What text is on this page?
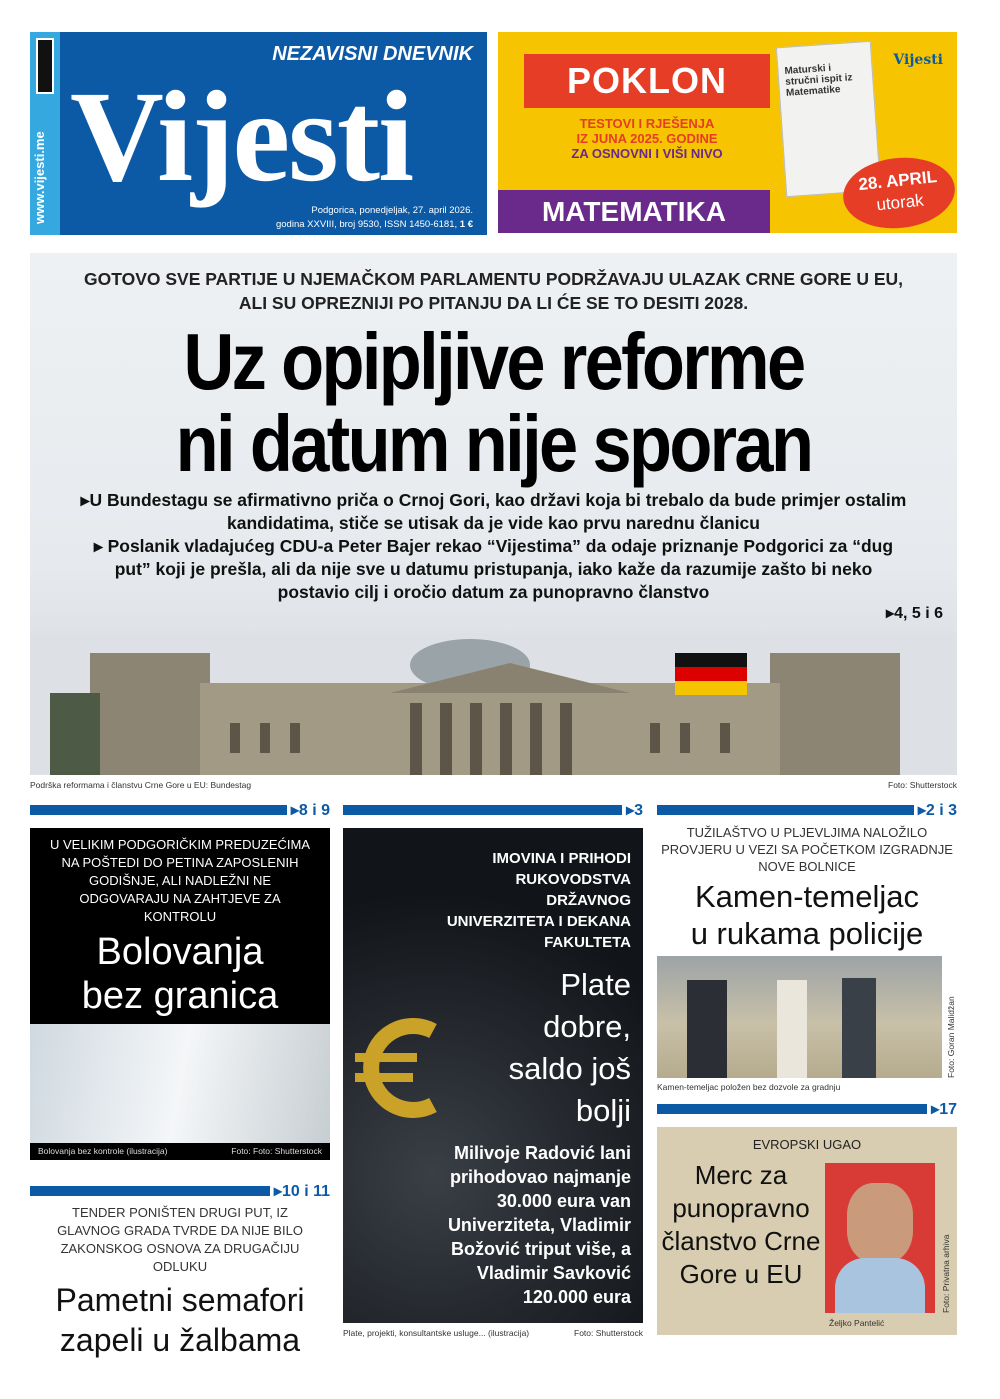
www.vijesti.me
NEZAVISNI DNEVNIK
Vijesti
Podgorica, ponedjeljak, 27. april 2026.
godina XXVIII, broj 9530, ISSN 1450-6181, 1 €
POKLON
TESTOVI I RJEŠENJA
IZ JUNA 2025. GODINE
ZA OSNOVNI I VIŠI NIVO
MATEMATIKA
Maturski i stručni ispit iz Matematike
Vijesti
28. APRIL
utorak
GOTOVO SVE PARTIJE U NJEMAČKOM PARLAMENTU PODRŽAVAJU ULAZAK CRNE GORE U EU,
ALI SU OPREZNIJI PO PITANJU DA LI ĆE SE TO DESITI 2028.
Uz opipljive reforme
ni datum nije sporan
▸U Bundestagu se afirmativno priča o Crnoj Gori, kao državi koja bi trebalo da bude primjer ostalim kandidatima, stiče se utisak da je vide kao prvu narednu članicu
▸ Poslanik vladajućeg CDU-a Peter Bajer rekao “Vijestima” da odaje priznanje Podgorici za “dug put” koji je prešla, ali da nije sve u datumu pristupanja, iako kaže da razumije zašto bi neko postavio cilj i oročio datum za punopravno članstvo
▸4, 5 i 6
Podrška reformama i članstvu Crne Gore u EU: Bundestag	Foto: Shutterstock
▸8 i 9	▸3	▸2 i 3
U VELIKIM PODGORIČKIM PREDUZEĆIMA NA POŠTEDI DO PETINA ZAPOSLENIH GODIŠNJE, ALI NADLEŽNI NE ODGOVARAJU NA ZAHTJEVE ZA KONTROLU
Bolovanja
bez granica
Bolovanja bez kontrole (ilustracija)	Foto: Foto: Shutterstock
▸10 i 11
TENDER PONIŠTEN DRUGI PUT, IZ GLAVNOG GRADA TVRDE DA NIJE BILO ZAKONSKOG OSNOVA ZA DRUGAČIJU ODLUKU
Pametni semafori
zapeli u žalbama
IMOVINA I PRIHODI RUKOVODSTVA DRŽAVNOG UNIVERZITETA I DEKANA FAKULTETA
Plate dobre, saldo još bolji
Milivoje Radović lani prihodovao najmanje 30.000 eura van Univerziteta, Vladimir Božović triput više, a Vladimir Savković 120.000 eura
Plate, projekti, konsultantske usluge... (ilustracija)	Foto: Shutterstock
TUŽILAŠTVO U PLJEVLJIMA NALOŽILO PROVJERU U VEZI SA POČETKOM IZGRADNJE NOVE BOLNICE
Kamen-temeljac
u rukama policije
Foto: Goran Malidžan
Kamen-temeljac položen bez dozvole za gradnju
▸17
EVROPSKI UGAO
Merc za punopravno članstvo Crne Gore u EU
Željko Pantelić
Foto: Privatna arhiva
